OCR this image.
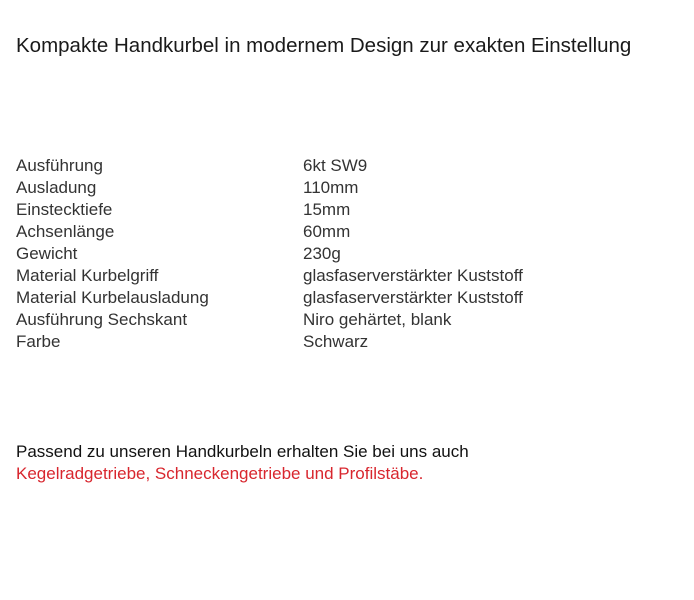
Kompakte Handkurbel in modernem Design zur exakten Einstellung
Ausführung	6kt SW9
Ausladung	110mm
Einstecktiefe	15mm
Achsenlänge	60mm
Gewicht	230g
Material Kurbelgriff	glasfaserverstärkter Kuststoff
Material Kurbelausladung	glasfaserverstärkter Kuststoff
Ausführung Sechskant	Niro gehärtet, blank
Farbe	Schwarz
Passend zu unseren Handkurbeln erhalten Sie bei uns auch
Kegelradgetriebe, Schneckengetriebe und Profilstäbe.
